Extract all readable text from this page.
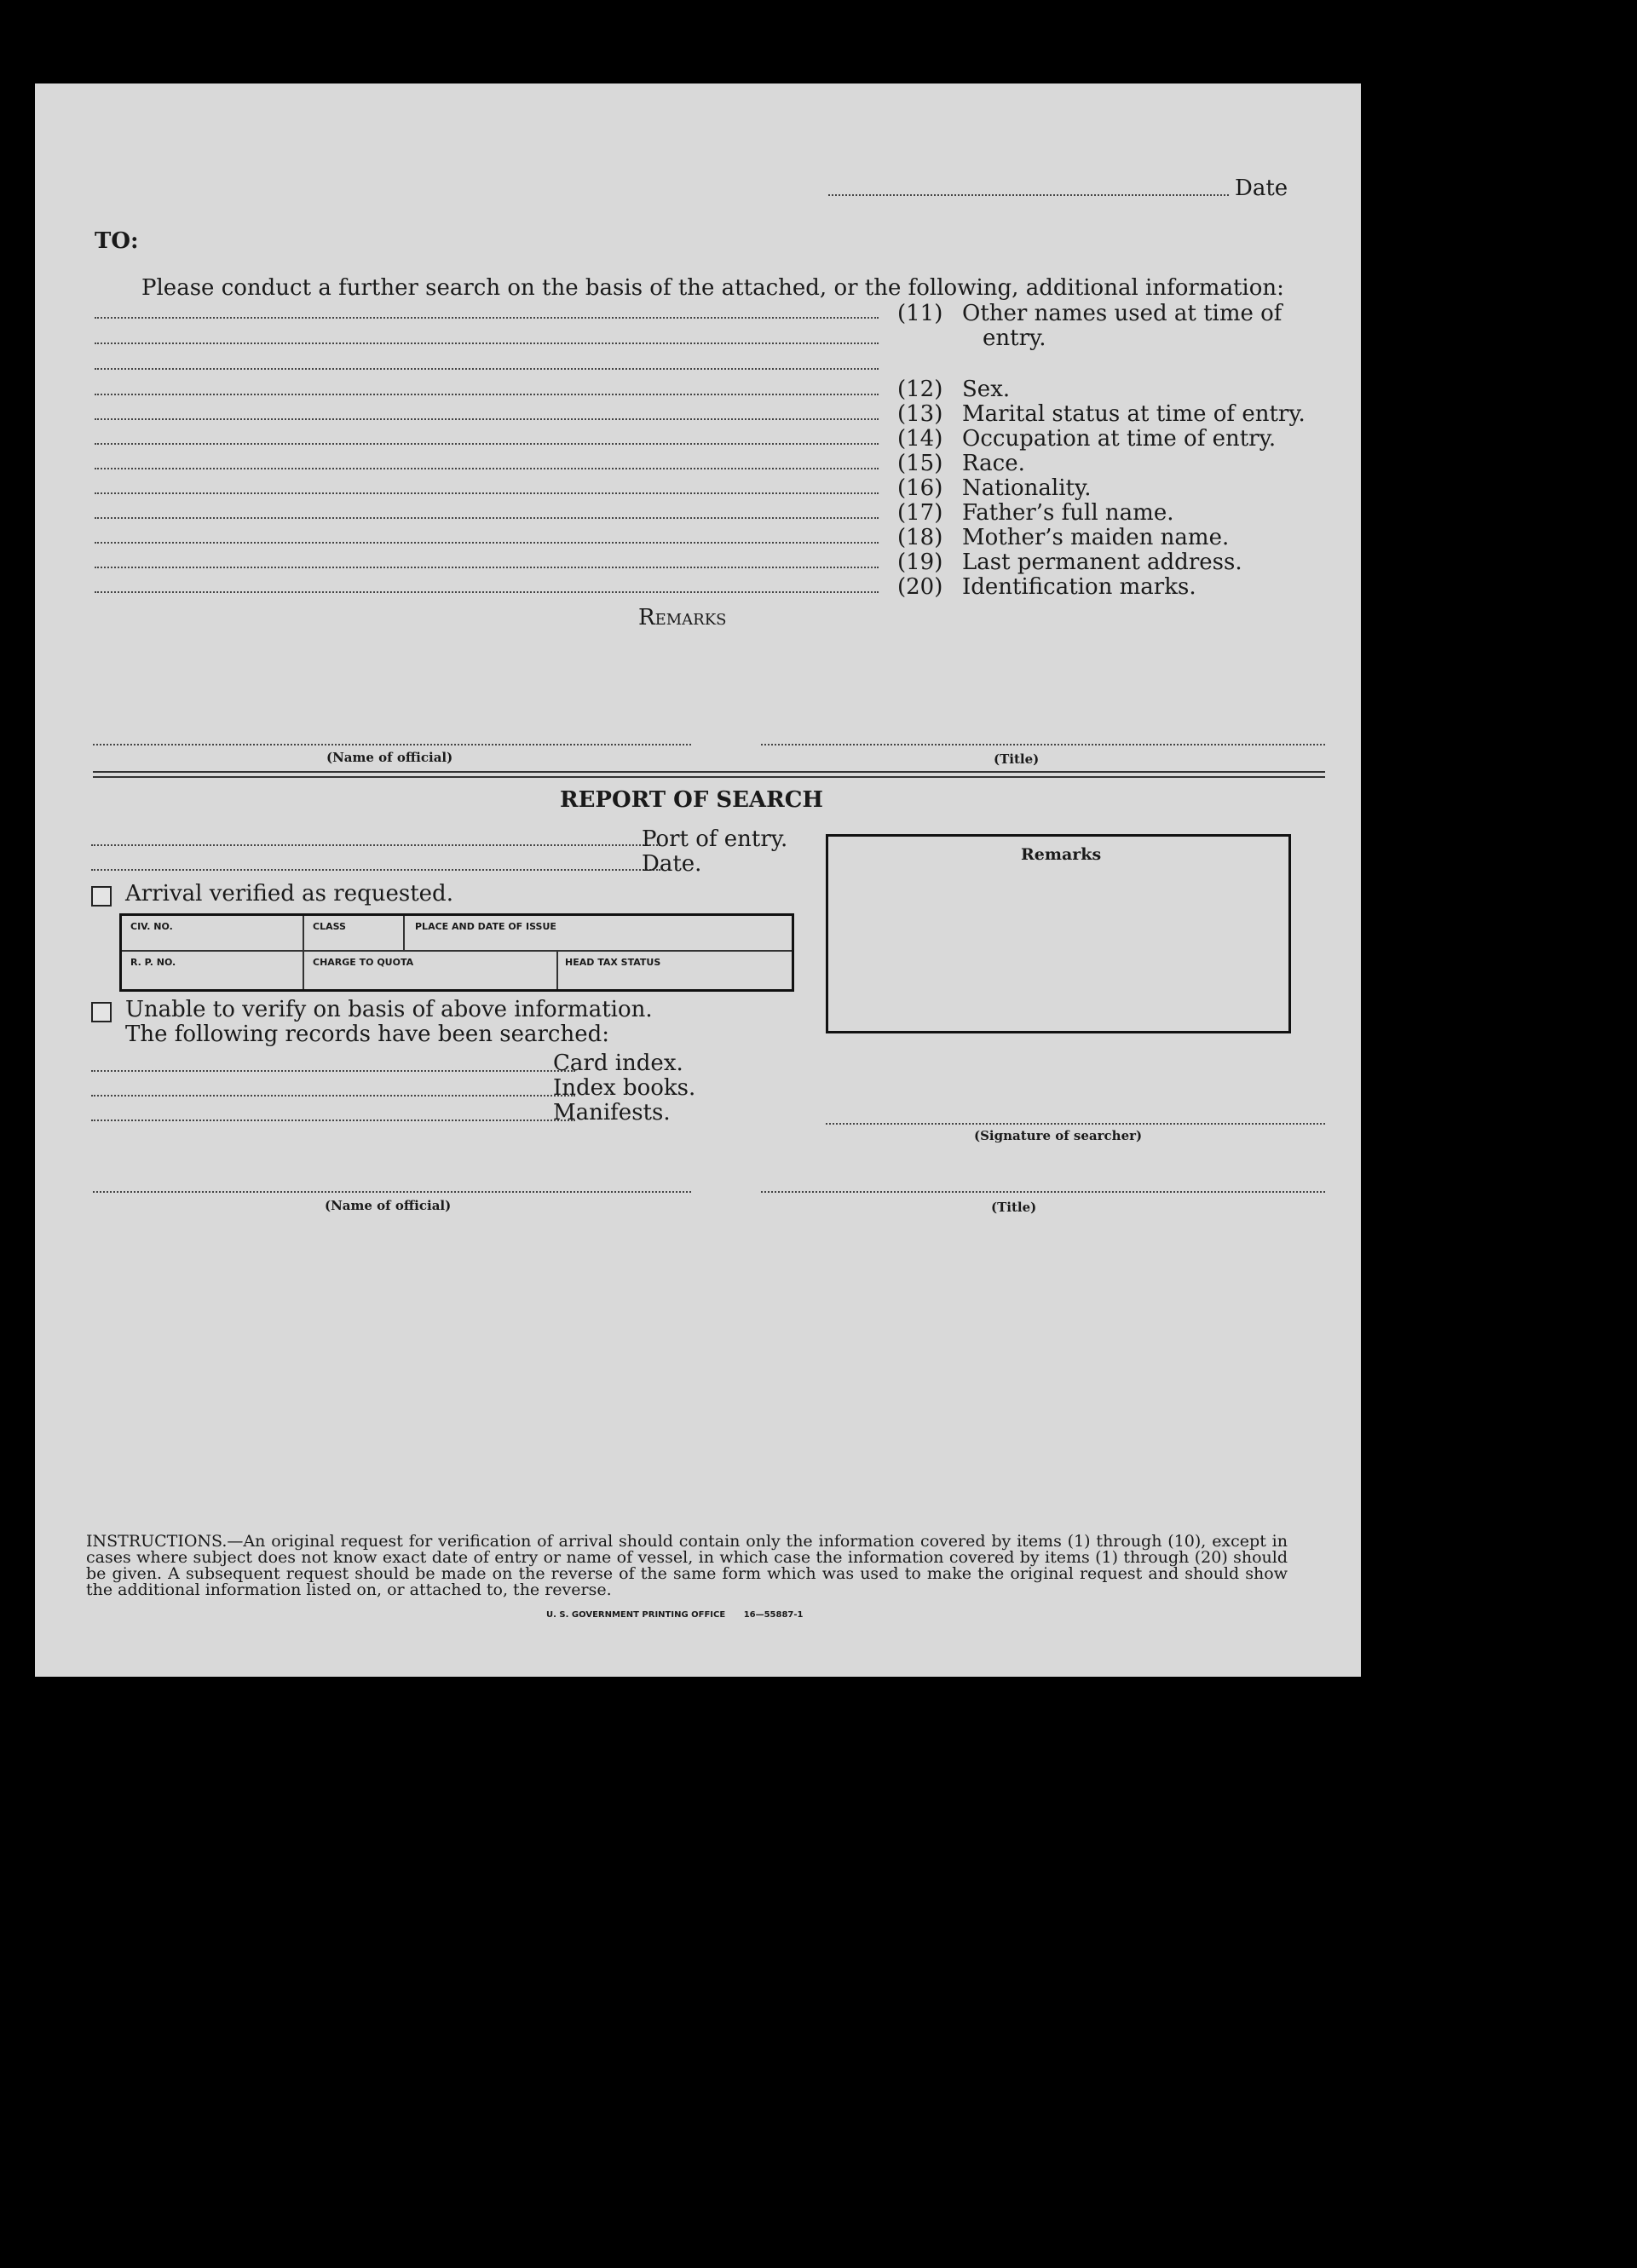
Date
TO:
Please conduct a further search on the basis of the attached, or the following, additional information:
(11) Other names used at time of
entry.
(12) Sex.
(13) Marital status at time of entry.
(14) Occupation at time of entry.
(15) Race.
(16) Nationality.
(17) Father’s full name.
(18) Mother’s maiden name.
(19) Last permanent address.
(20) Identification marks.
Remarks
(Name of official)	(Title)
REPORT OF SEARCH
Port of entry.
Date.
Arrival verified as requested.
CIV. NO.	CLASS	PLACE AND DATE OF ISSUE
R. P. NO.	CHARGE TO QUOTA	HEAD TAX STATUS
Unable to verify on basis of above information.
The following records have been searched:
Card index.
Index books.
Manifests.
Remarks
(Signature of searcher)
(Name of official)	(Title)
INSTRUCTIONS.—An original request for verification of arrival should contain only the information covered by items (1) through (10), except in cases where subject does not know exact date of entry or name of vessel, in which case the information covered by items (1) through (20) should be given. A subsequent request should be made on the reverse of the same form which was used to make the original request and should show the additional information listed on, or attached to, the reverse.
U. S. GOVERNMENT PRINTING OFFICE 16—55887-1
